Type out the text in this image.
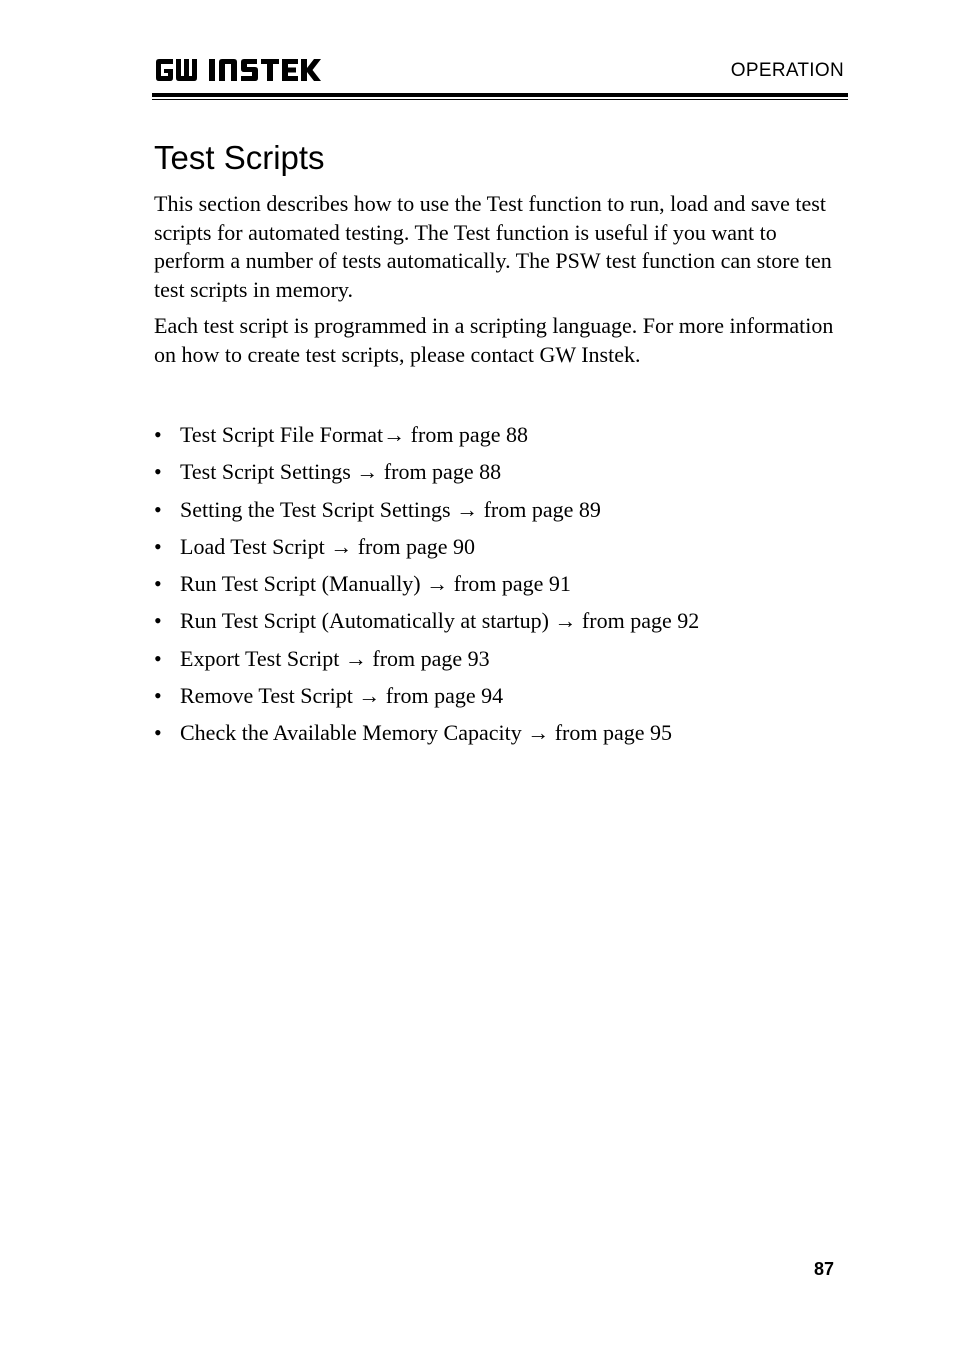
OPERATION
Test Scripts

This section describes how to use the Test function to run, load and save test scripts for automated testing. The Test function is useful if you want to perform a number of tests automatically. The PSW test function can store ten test scripts in memory.

Each test script is programmed in a scripting language. For more information on how to create test scripts, please contact GW Instek.

• Test Script File Format→ from page 88
• Test Script Settings → from page 88
• Setting the Test Script Settings → from page 89
• Load Test Script → from page 90
• Run Test Script (Manually) → from page 91
• Run Test Script (Automatically at startup) → from page 92
• Export Test Script → from page 93
• Remove Test Script → from page 94
• Check the Available Memory Capacity → from page 95
87
